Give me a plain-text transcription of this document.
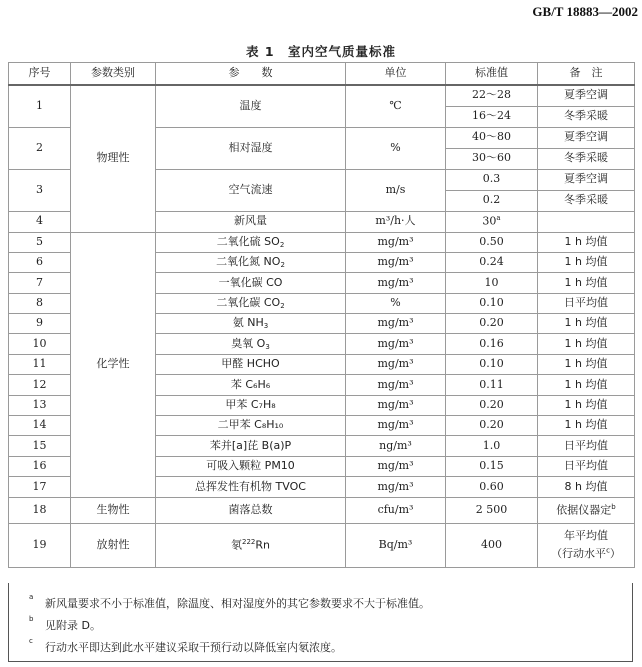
GB/T 18883—2002
表 1　室内空气质量标准
序号	参数类别	参　　数	单位	标准值	备　注
1	物理性	温度	℃	22～28	夏季空调
				16～24	冬季采暖
2		相对湿度	%	40～80	夏季空调
				30～60	冬季采暖
3		空气流速	m/s	0.3	夏季空调
				0.2	冬季采暖
4		新风量	m³/h·人	30$^a$	
5	化学性	二氧化硫 $SO_2$	mg/m³	0.50	1 h 均值
6		二氧化氮 $NO_2$	mg/m³	0.24	1 h 均值
7		一氧化碳 CO	mg/m³	10	1 h 均值
8		二氧化碳 $CO_2$	%	0.10	日平均值
9		氨 $NH_3$	mg/m³	0.20	1 h 均值
10		臭氧 $O_3$	mg/m³	0.16	1 h 均值
11		甲醛 HCHO	mg/m³	0.10	1 h 均值
12		苯 C₆H₆	mg/m³	0.11	1 h 均值
13		甲苯 C₇H₈	mg/m³	0.20	1 h 均值
14		二甲苯 C₈H₁₀	mg/m³	0.20	1 h 均值
15		苯并[a]芘 B(a)P	ng/m³	1.0	日平均值
16		可吸入颗粒 PM10	mg/m³	0.15	日平均值
17		总挥发性有机物 TVOC	mg/m³	0.60	8 h 均值
18	生物性	菌落总数	cfu/m³	2 500	依据仪器定$^b$
19	放射性	氡$^{222}$Rn	Bq/m³	400	年平均值
（行动水平$^c$）
a 新风量要求不小于标准值，除温度、相对湿度外的其它参数要求不大于标准值。
b 见附录 D。
c 行动水平即达到此水平建议采取干预行动以降低室内氡浓度。
